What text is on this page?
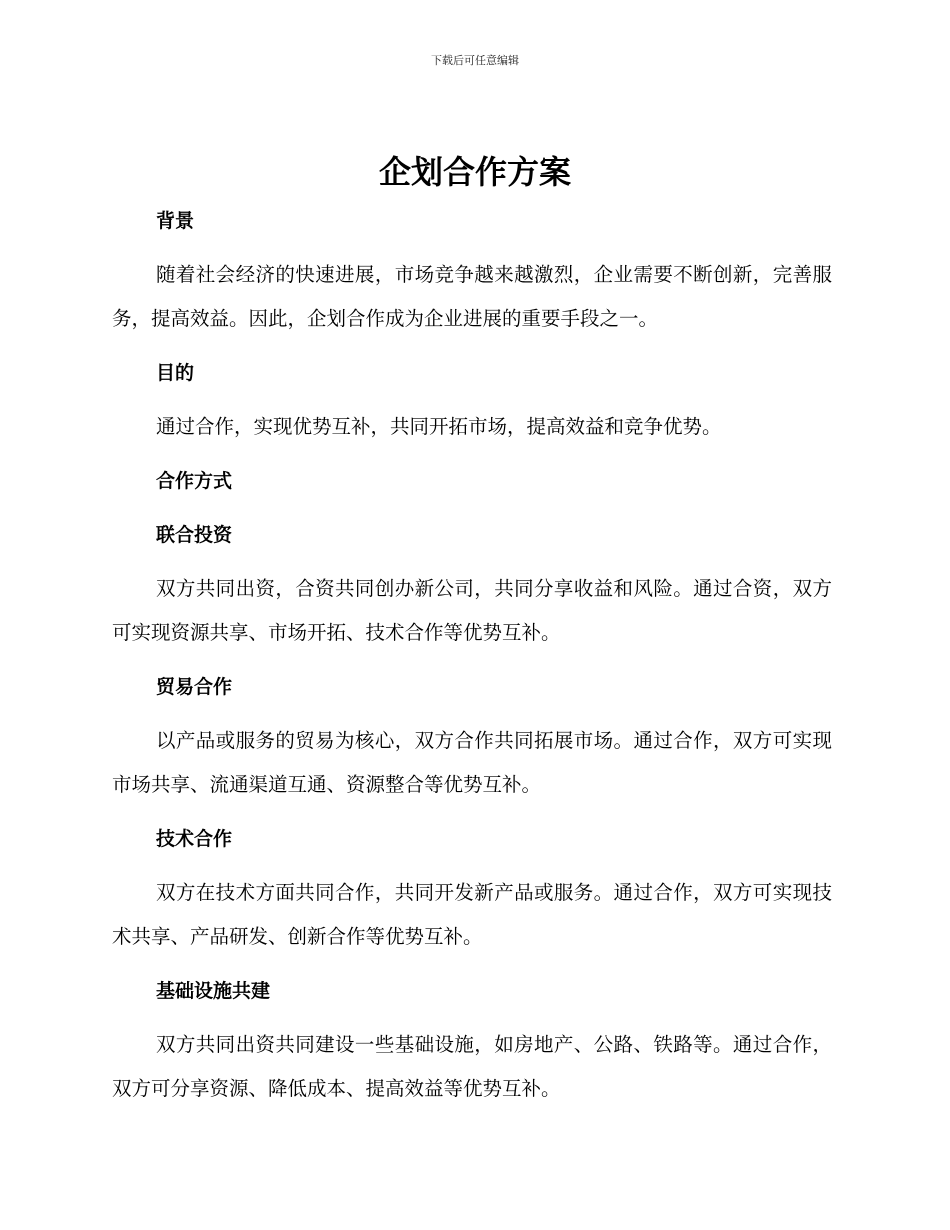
下载后可任意编辑
企划合作方案
背景

随着社会经济的快速进展，市场竞争越来越激烈，企业需要不断创新，完善服务，提高效益。因此，企划合作成为企业进展的重要手段之一。

目的

通过合作，实现优势互补，共同开拓市场，提高效益和竞争优势。

合作方式
联合投资

双方共同出资，合资共同创办新公司，共同分享收益和风险。通过合资，双方可实现资源共享、市场开拓、技术合作等优势互补。

贸易合作

以产品或服务的贸易为核心，双方合作共同拓展市场。通过合作，双方可实现市场共享、流通渠道互通、资源整合等优势互补。

技术合作

双方在技术方面共同合作，共同开发新产品或服务。通过合作，双方可实现技术共享、产品研发、创新合作等优势互补。

基础设施共建

双方共同出资共同建设一些基础设施，如房地产、公路、铁路等。通过合作，双方可分享资源、降低成本、提高效益等优势互补。
